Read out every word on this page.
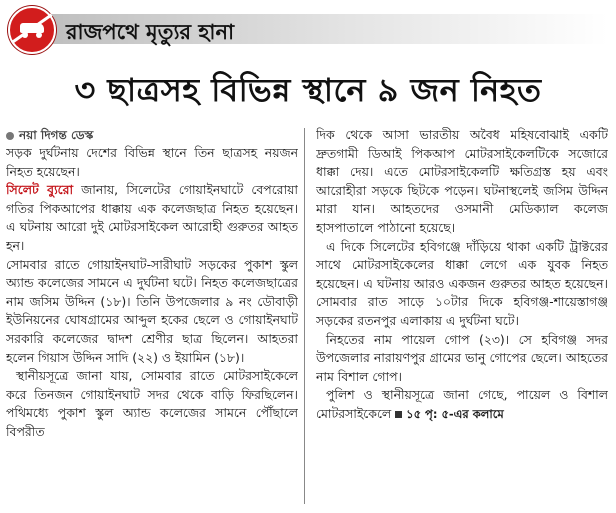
রাজপথে মৃত্যুর হানা
৩ ছাত্রসহ বিভিন্ন স্থানে ৯ জন নিহত
নয়া দিগন্ত ডেস্ক

সড়ক দুর্ঘটনায় দেশের বিভিন্ন স্থানে তিন ছাত্রসহ নয়জন নিহত হয়েছেন।

সিলেট ব্যুরো জানায়, সিলেটের গোয়াইনঘাটে বেপরোয়া গতির পিকআপের ধাক্কায় এক কলেজছাত্র নিহত হয়েছেন। এ ঘটনায় আরো দুই মোটরসাইকেল আরোহী গুরুতর আহত হন।

সোমবার রাতে গোয়াইনঘাট-সারীঘাট সড়কের পুকাশ স্কুল অ্যান্ড কলেজের সামনে এ দুর্ঘটনা ঘটে। নিহত কলেজছাত্রের নাম জসিম উদ্দিন (১৮)। তিনি উপজেলার ৯ নং ডৌবাড়ী ইউনিয়নের ঘোষগ্রামের আব্দুল হকের ছেলে ও গোয়াইনঘাট সরকারি কলেজের দ্বাদশ শ্রেণীর ছাত্র ছিলেন। আহতরা হলেন গিয়াস উদ্দিন সাদি (২২) ও ইয়ামিন (১৮)।

স্থানীয়সূত্রে জানা যায়, সোমবার রাতে মোটরসাইকেলে করে তিনজন গোয়াইনঘাট সদর থেকে বাড়ি ফিরছিলেন। পথিমধ্যে পুকাশ স্কুল অ্যান্ড কলেজের সামনে পৌঁছালে বিপরীত

দিক থেকে আসা ভারতীয় অবৈধ মহিষবোঝাই একটি দ্রুতগামী ডিআই পিকআপ মোটরসাইকেলটিকে সজোরে ধাক্কা দেয়। এতে মোটরসাইকেলটি ক্ষতিগ্রস্ত হয় এবং আরোহীরা সড়কে ছিটকে পড়েন। ঘটনাস্থলেই জসিম উদ্দিন মারা যান। আহতদের ওসমানী মেডিক্যাল কলেজ হাসপাতালে পাঠানো হয়েছে।

এ দিকে সিলেটের হবিগঞ্জে দাঁড়িয়ে থাকা একটি ট্রাক্টরের সাথে মোটরসাইকেলের ধাক্কা লেগে এক যুবক নিহত হয়েছেন। এ ঘটনায় আরও একজন গুরুতর আহত হয়েছেন। সোমবার রাত সাড়ে ১০টার দিকে হবিগঞ্জ-শায়েস্তাগঞ্জ সড়কের রতনপুর এলাকায় এ দুর্ঘটনা ঘটে।

নিহতের নাম পায়েল গোপ (২৩)। সে হবিগঞ্জ সদর উপজেলার নারায়ণপুর গ্রামের ভানু গোপের ছেলে। আহতের নাম বিশাল গোপ।

পুলিশ ও স্থানীয়সূত্রে জানা গেছে, পায়েল ও বিশাল মোটরসাইকেলে ১৫ পৃ: ৫-এর কলামে
